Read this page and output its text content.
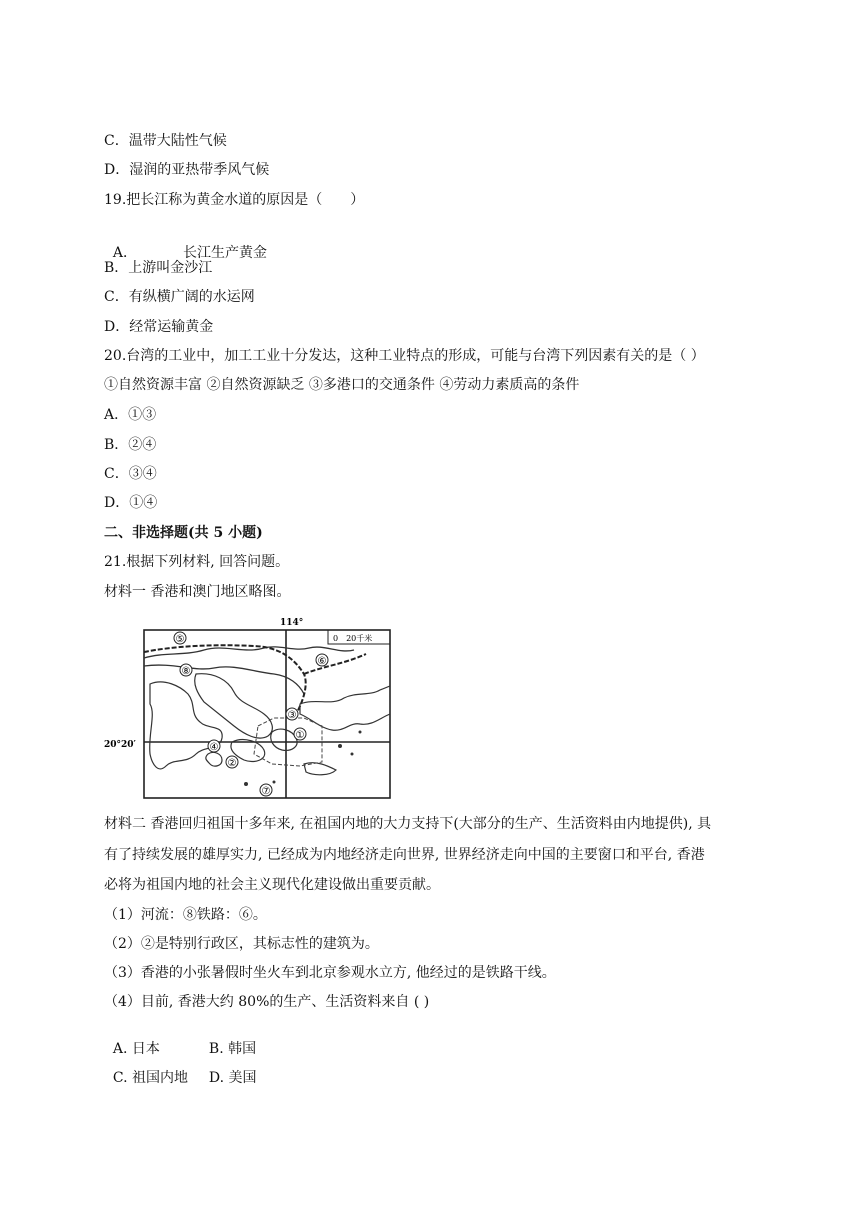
C．温带大陆性气候
D．湿润的亚热带季风气候
19.把长江称为黄金水道的原因是（　　）

A．	长江生产黄金

B．上游叫金沙江
C．有纵横广阔的水运网
D．经常运输黄金
20.台湾的工业中，加工工业十分发达，这种工业特点的形成，可能与台湾下列因素有关的是（ ）
①自然资源丰富 ②自然资源缺乏 ③多港口的交通条件 ④劳动力素质高的条件
A．①③
B．②④
C．③④
D．①④
二、非选择题(共 5 小题)
21.根据下列材料, 回答问题。
材料一 香港和澳门地区略图。
0　20千米
114°
20°20′
⑤
⑧
⑥
③
①
④
②
⑦
材料二 香港回归祖国十多年来, 在祖国内地的大力支持下(大部分的生产、生活资料由内地提供), 具
有了持续发展的雄厚实力, 已经成为内地经济走向世界, 世界经济走向中国的主要窗口和平台, 香港
必将为祖国内地的社会主义现代化建设做出重要贡献。
（1）河流：⑧铁路：⑥。
（2）②是特别行政区，其标志性的建筑为。
（3）香港的小张暑假时坐火车到北京参观水立方, 他经过的是铁路干线。
（4）目前, 香港大约 80%的生产、生活资料来自 ( )

A. 日本	B. 韩国

C. 祖国内地 D. 美国
